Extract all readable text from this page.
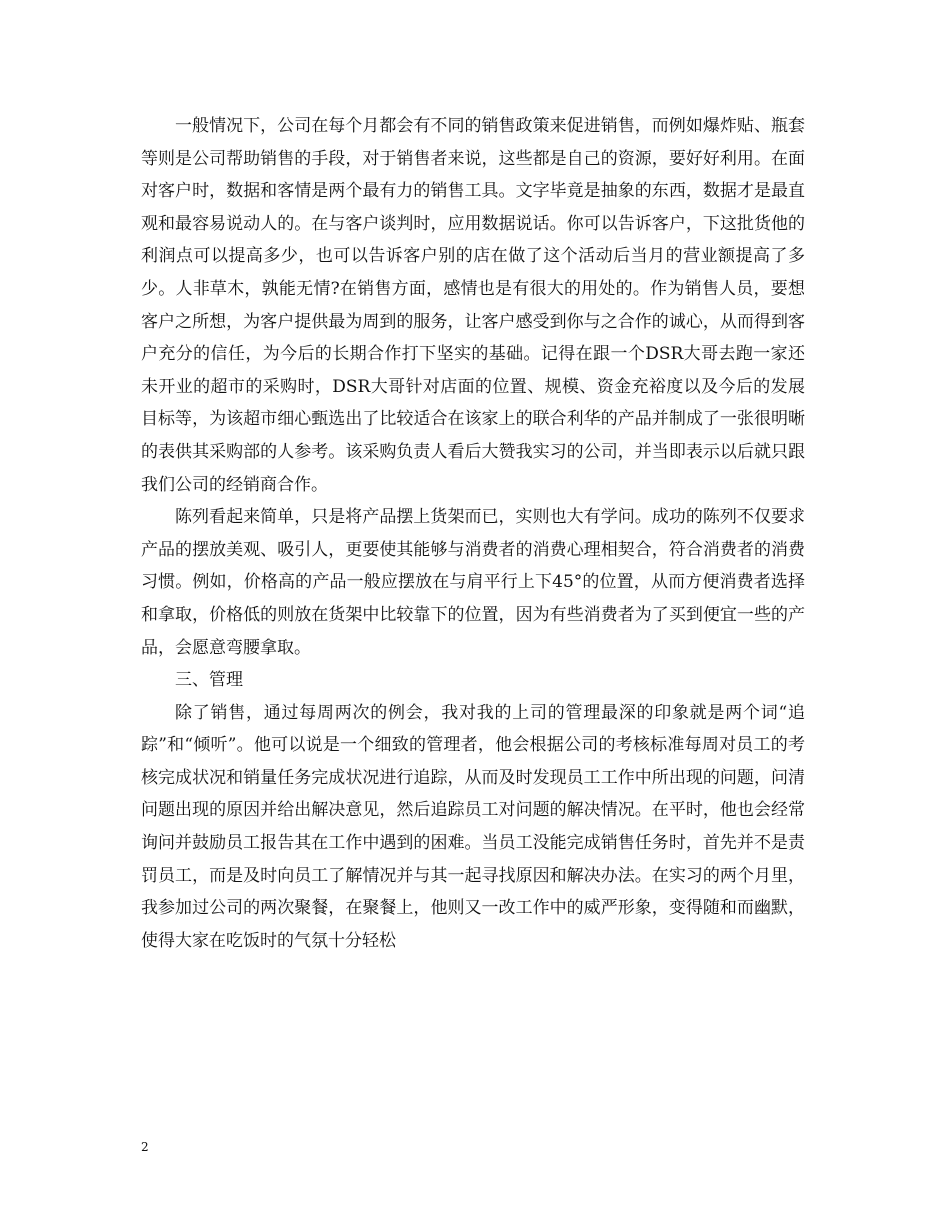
一般情况下，公司在每个月都会有不同的销售政策来促进销售，而例如爆炸贴、瓶套等则是公司帮助销售的手段，对于销售者来说，这些都是自己的资源，要好好利用。在面对客户时，数据和客情是两个最有力的销售工具。文字毕竟是抽象的东西，数据才是最直观和最容易说动人的。在与客户谈判时，应用数据说话。你可以告诉客户，下这批货他的利润点可以提高多少，也可以告诉客户别的店在做了这个活动后当月的营业额提高了多少。人非草木，孰能无情?在销售方面，感情也是有很大的用处的。作为销售人员，要想客户之所想，为客户提供最为周到的服务，让客户感受到你与之合作的诚心，从而得到客户充分的信任，为今后的长期合作打下坚实的基础。记得在跟一个DSR大哥去跑一家还未开业的超市的采购时，DSR大哥针对店面的位置、规模、资金充裕度以及今后的发展目标等，为该超市细心甄选出了比较适合在该家上的联合利华的产品并制成了一张很明晰的表供其采购部的人参考。该采购负责人看后大赞我实习的公司，并当即表示以后就只跟我们公司的经销商合作。

陈列看起来简单，只是将产品摆上货架而已，实则也大有学问。成功的陈列不仅要求产品的摆放美观、吸引人，更要使其能够与消费者的消费心理相契合，符合消费者的消费习惯。例如，价格高的产品一般应摆放在与肩平行上下45°的位置，从而方便消费者选择和拿取，价格低的则放在货架中比较靠下的位置，因为有些消费者为了买到便宜一些的产品，会愿意弯腰拿取。

三、管理

除了销售，通过每周两次的例会，我对我的上司的管理最深的印象就是两个词“追踪”和“倾听”。他可以说是一个细致的管理者，他会根据公司的考核标准每周对员工的考核完成状况和销量任务完成状况进行追踪，从而及时发现员工工作中所出现的问题，问清问题出现的原因并给出解决意见，然后追踪员工对问题的解决情况。在平时，他也会经常询问并鼓励员工报告其在工作中遇到的困难。当员工没能完成销售任务时，首先并不是责罚员工，而是及时向员工了解情况并与其一起寻找原因和解决办法。在实习的两个月里，我参加过公司的两次聚餐，在聚餐上，他则又一改工作中的威严形象，变得随和而幽默，使得大家在吃饭时的气氛十分轻松

2
